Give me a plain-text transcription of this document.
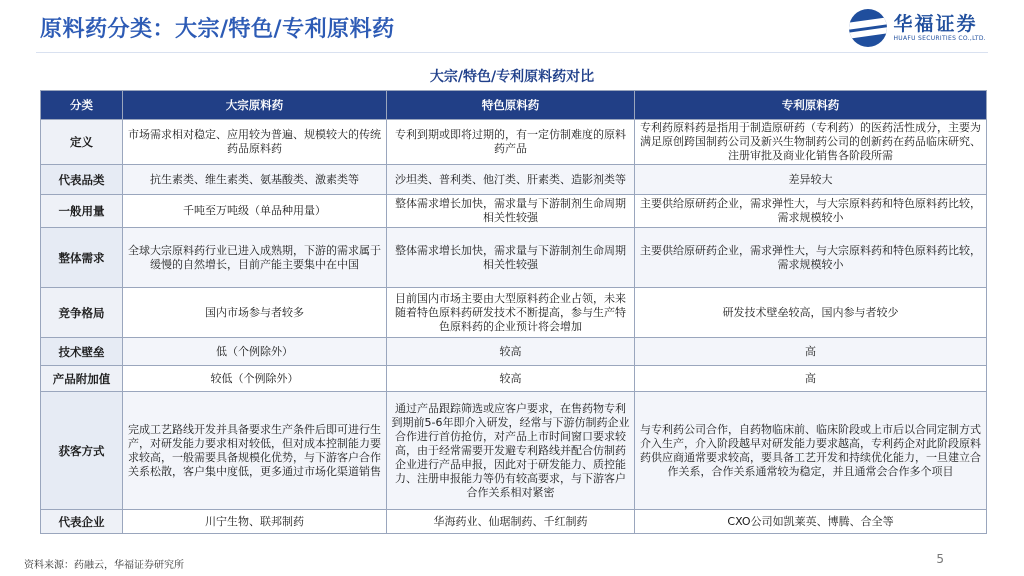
原料药分类：大宗/特色/专利原料药	华福证券
HUAFU SECURITIES CO.,LTD.
大宗/特色/专利原料药对比
分类	大宗原料药	特色原料药	专利原料药
定义	市场需求相对稳定、应用较为普遍、规模较大的传统药品原料药	专利到期或即将过期的，有一定仿制难度的原料药产品	专利药原料药是指用于制造原研药（专利药）的医药活性成分，主要为满足原创跨国制药公司及新兴生物制药公司的创新药在药品临床研究、注册审批及商业化销售各阶段所需
代表品类	抗生素类、维生素类、氨基酸类、激素类等	沙坦类、普利类、他汀类、肝素类、造影剂类等	差异较大
一般用量	千吨至万吨级（单品种用量）	整体需求增长加快，需求量与下游制剂生命周期相关性较强	主要供给原研药企业，需求弹性大，与大宗原料药和特色原料药比较，需求规模较小
整体需求	全球大宗原料药行业已进入成熟期，下游的需求属于缓慢的自然增长，目前产能主要集中在中国	整体需求增长加快，需求量与下游制剂生命周期相关性较强	主要供给原研药企业，需求弹性大，与大宗原料药和特色原料药比较，需求规模较小
竞争格局	国内市场参与者较多	目前国内市场主要由大型原料药企业占领，未来随着特色原料药研发技术不断提高，参与生产特色原料药的企业预计将会增加	研发技术壁垒较高，国内参与者较少
技术壁垒	低（个例除外）	较高	高
产品附加值	较低（个例除外）	较高	高
获客方式	完成工艺路线开发并具备要求生产条件后即可进行生产，对研发能力要求相对较低，但对成本控制能力要求较高，一般需要具备规模化优势，与下游客户合作关系松散，客户集中度低，更多通过市场化渠道销售	通过产品跟踪筛选或应客户要求，在售药物专利到期前5-6年即介入研发，经常与下游仿制药企业合作进行首仿抢仿，对产品上市时间窗口要求较高，由于经常需要开发避专利路线并配合仿制药企业进行产品申报，因此对于研发能力、质控能力、注册申报能力等仍有较高要求，与下游客户合作关系相对紧密	与专利药公司合作，自药物临床前、临床阶段或上市后以合同定制方式介入生产，介入阶段越早对研发能力要求越高，专利药企对此阶段原料药供应商通常要求较高，要具备工艺开发和持续优化能力，一旦建立合作关系，合作关系通常较为稳定，并且通常会合作多个项目
代表企业	川宁生物、联邦制药	华海药业、仙琚制药、千红制药	CXO公司如凯莱英、博腾、合全等
资料来源：药融云，华福证券研究所	5
